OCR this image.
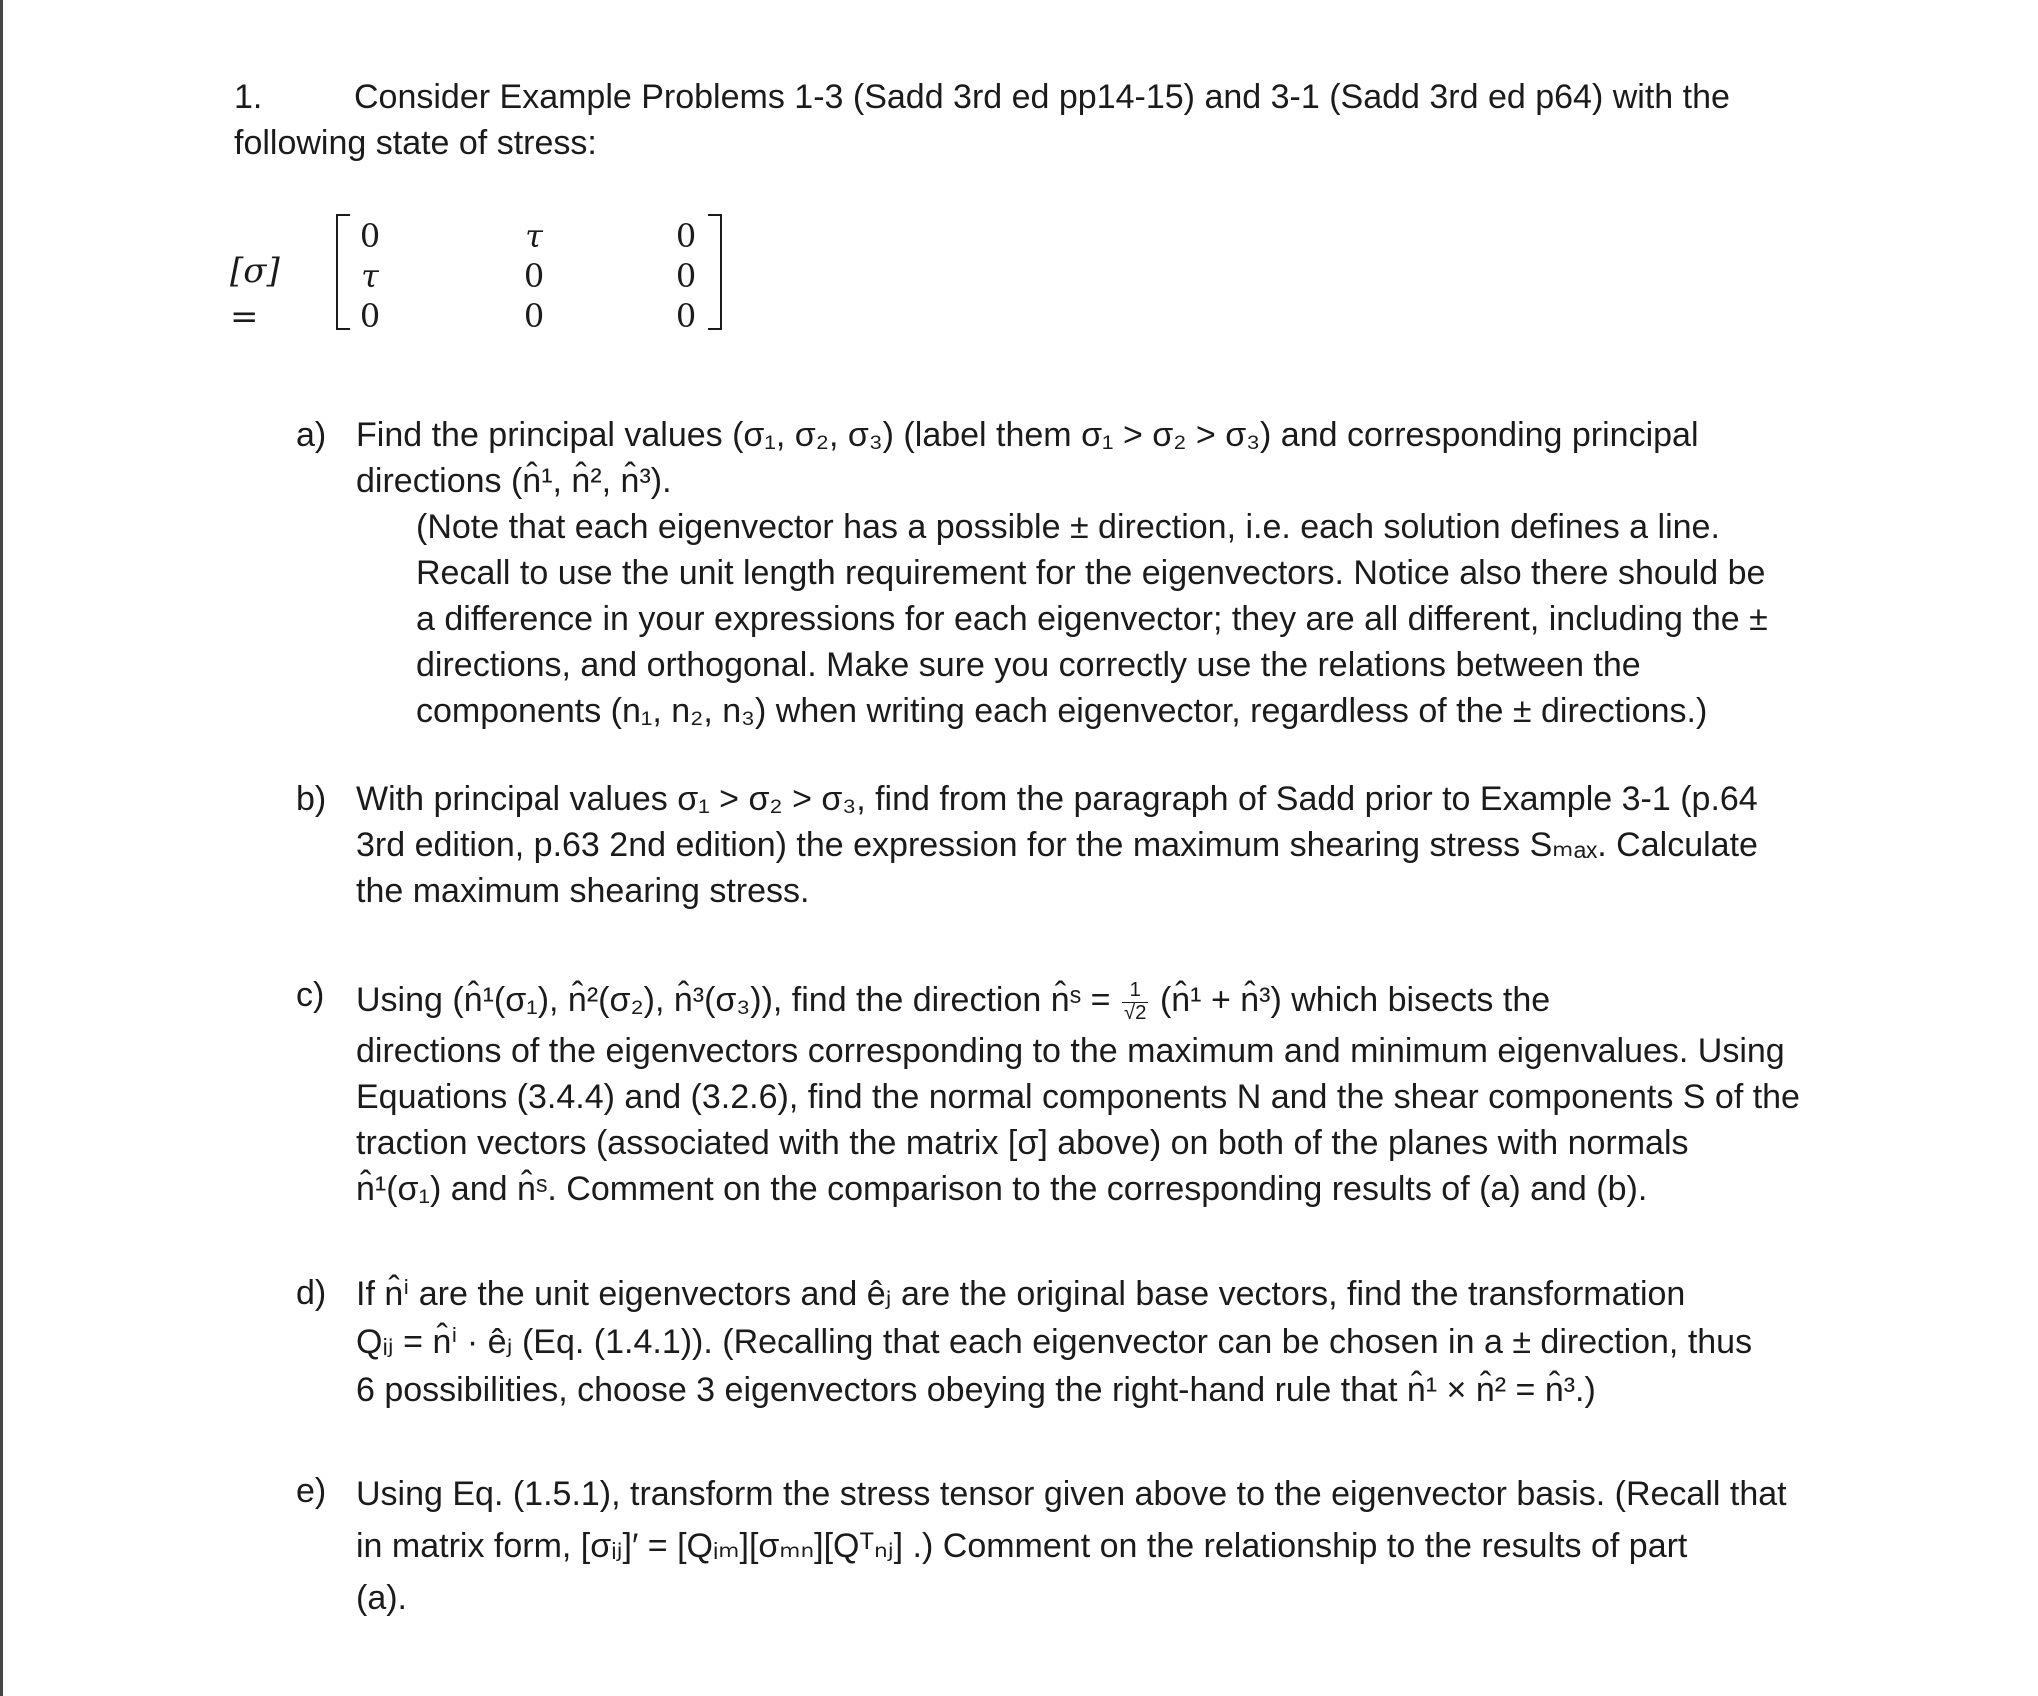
1.	Consider Example Problems 1-3 (Sadd 3rd ed pp14-15) and 3-1 (Sadd 3rd ed p64) with the
following state of stress:
[σ] =
0	τ	0
τ	0	0
0	0	0
a) Find the principal values (σ₁, σ₂, σ₃) (label them σ₁ > σ₂ > σ₃) and corresponding principal
directions (n̂¹, n̂², n̂³).
(Note that each eigenvector has a possible ± direction, i.e. each solution defines a line.
Recall to use the unit length requirement for the eigenvectors. Notice also there should be
a difference in your expressions for each eigenvector; they are all different, including the ±
directions, and orthogonal. Make sure you correctly use the relations between the
components (n₁, n₂, n₃) when writing each eigenvector, regardless of the ± directions.)
b) With principal values σ₁ > σ₂ > σ₃, find from the paragraph of Sadd prior to Example 3-1 (p.64
3rd edition, p.63 2nd edition) the expression for the maximum shearing stress Sₘₐₓ. Calculate
the maximum shearing stress.
c) Using (n̂¹(σ₁), n̂²(σ₂), n̂³(σ₃)), find the direction n̂ˢ = $\frac{1}{√2}$ (n̂¹ + n̂³) which bisects the
directions of the eigenvectors corresponding to the maximum and minimum eigenvalues. Using
Equations (3.4.4) and (3.2.6), find the normal components N and the shear components S of the
traction vectors (associated with the matrix [σ] above) on both of the planes with normals
n̂¹(σ₁) and n̂ˢ. Comment on the comparison to the corresponding results of (a) and (b).
d) If n̂ⁱ are the unit eigenvectors and êⱼ are the original base vectors, find the transformation
Qᵢⱼ = n̂ⁱ · êⱼ (Eq. (1.4.1)). (Recalling that each eigenvector can be chosen in a ± direction, thus
6 possibilities, choose 3 eigenvectors obeying the right-hand rule that n̂¹ × n̂² = n̂³.)
e) Using Eq. (1.5.1), transform the stress tensor given above to the eigenvector basis. (Recall that
in matrix form, [σᵢⱼ]′ = [Qᵢₘ][σₘₙ][Qᵀₙⱼ] .) Comment on the relationship to the results of part
(a).
